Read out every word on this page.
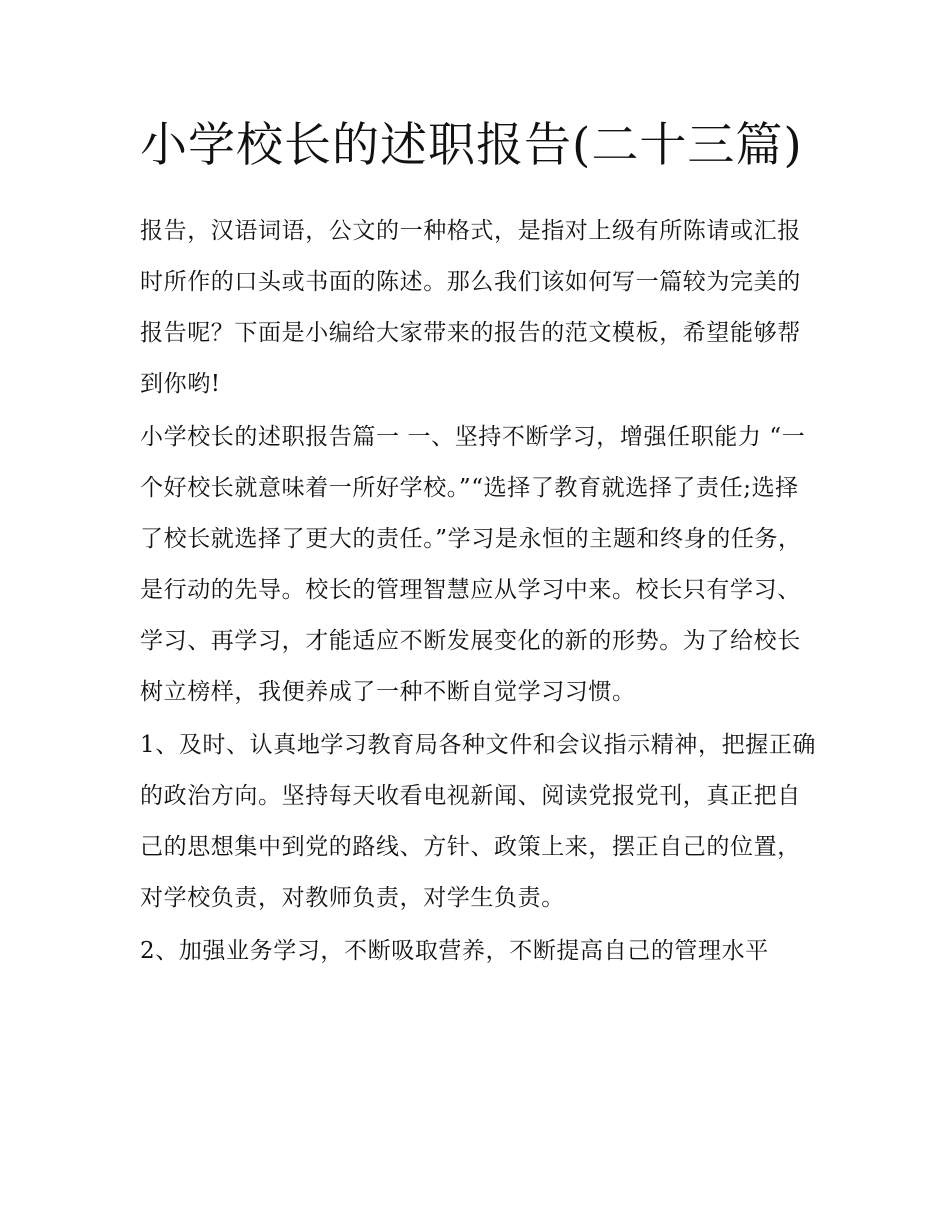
小学校长的述职报告(二十三篇)

报告，汉语词语，公文的一种格式，是指对上级有所陈请或汇报时所作的口头或书面的陈述。那么我们该如何写一篇较为完美的报告呢？下面是小编给大家带来的报告的范文模板，希望能够帮到你哟!

小学校长的述职报告篇一 一、坚持不断学习，增强任职能力 “一个好校长就意味着一所好学校。”“选择了教育就选择了责任;选择了校长就选择了更大的责任。”学习是永恒的主题和终身的任务，是行动的先导。校长的管理智慧应从学习中来。校长只有学习、学习、再学习，才能适应不断发展变化的新的形势。为了给校长树立榜样，我便养成了一种不断自觉学习习惯。

1、及时、认真地学习教育局各种文件和会议指示精神，把握正确的政治方向。坚持每天收看电视新闻、阅读党报党刊，真正把自己的思想集中到党的路线、方针、政策上来，摆正自己的位置，对学校负责，对教师负责，对学生负责。

2、加强业务学习，不断吸取营养，不断提高自己的管理水平
